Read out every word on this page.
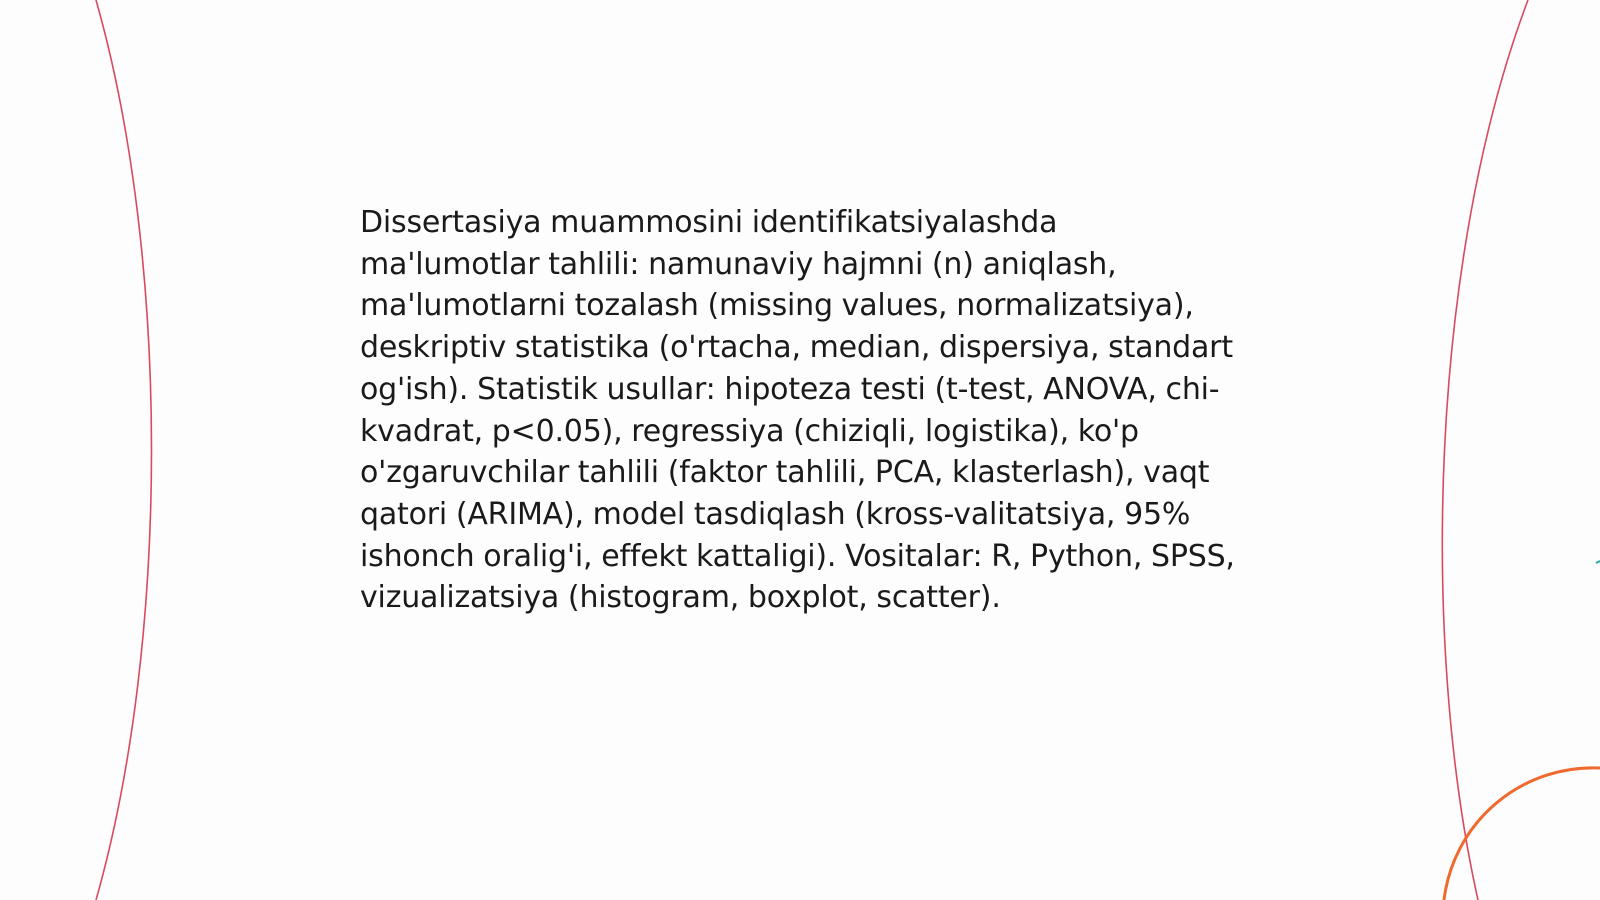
Dissertasiya muammosini identifikatsiyalashda ma'lumotlar tahlili: namunaviy hajmni (n) aniqlash, ma'lumotlarni tozalash (missing values, normalizatsiya), deskriptiv statistika (o'rtacha, median, dispersiya, standart og'ish). Statistik usullar: hipoteza testi (t-test, ANOVA, chi-kvadrat, p<0.05), regressiya (chiziqli, logistika), ko'p o'zgaruvchilar tahlili (faktor tahlili, PCA, klasterlash), vaqt qatori (ARIMA), model tasdiqlash (kross-valitatsiya, 95% ishonch oralig'i, effekt kattaligi). Vositalar: R, Python, SPSS, vizualizatsiya (histogram, boxplot, scatter).
